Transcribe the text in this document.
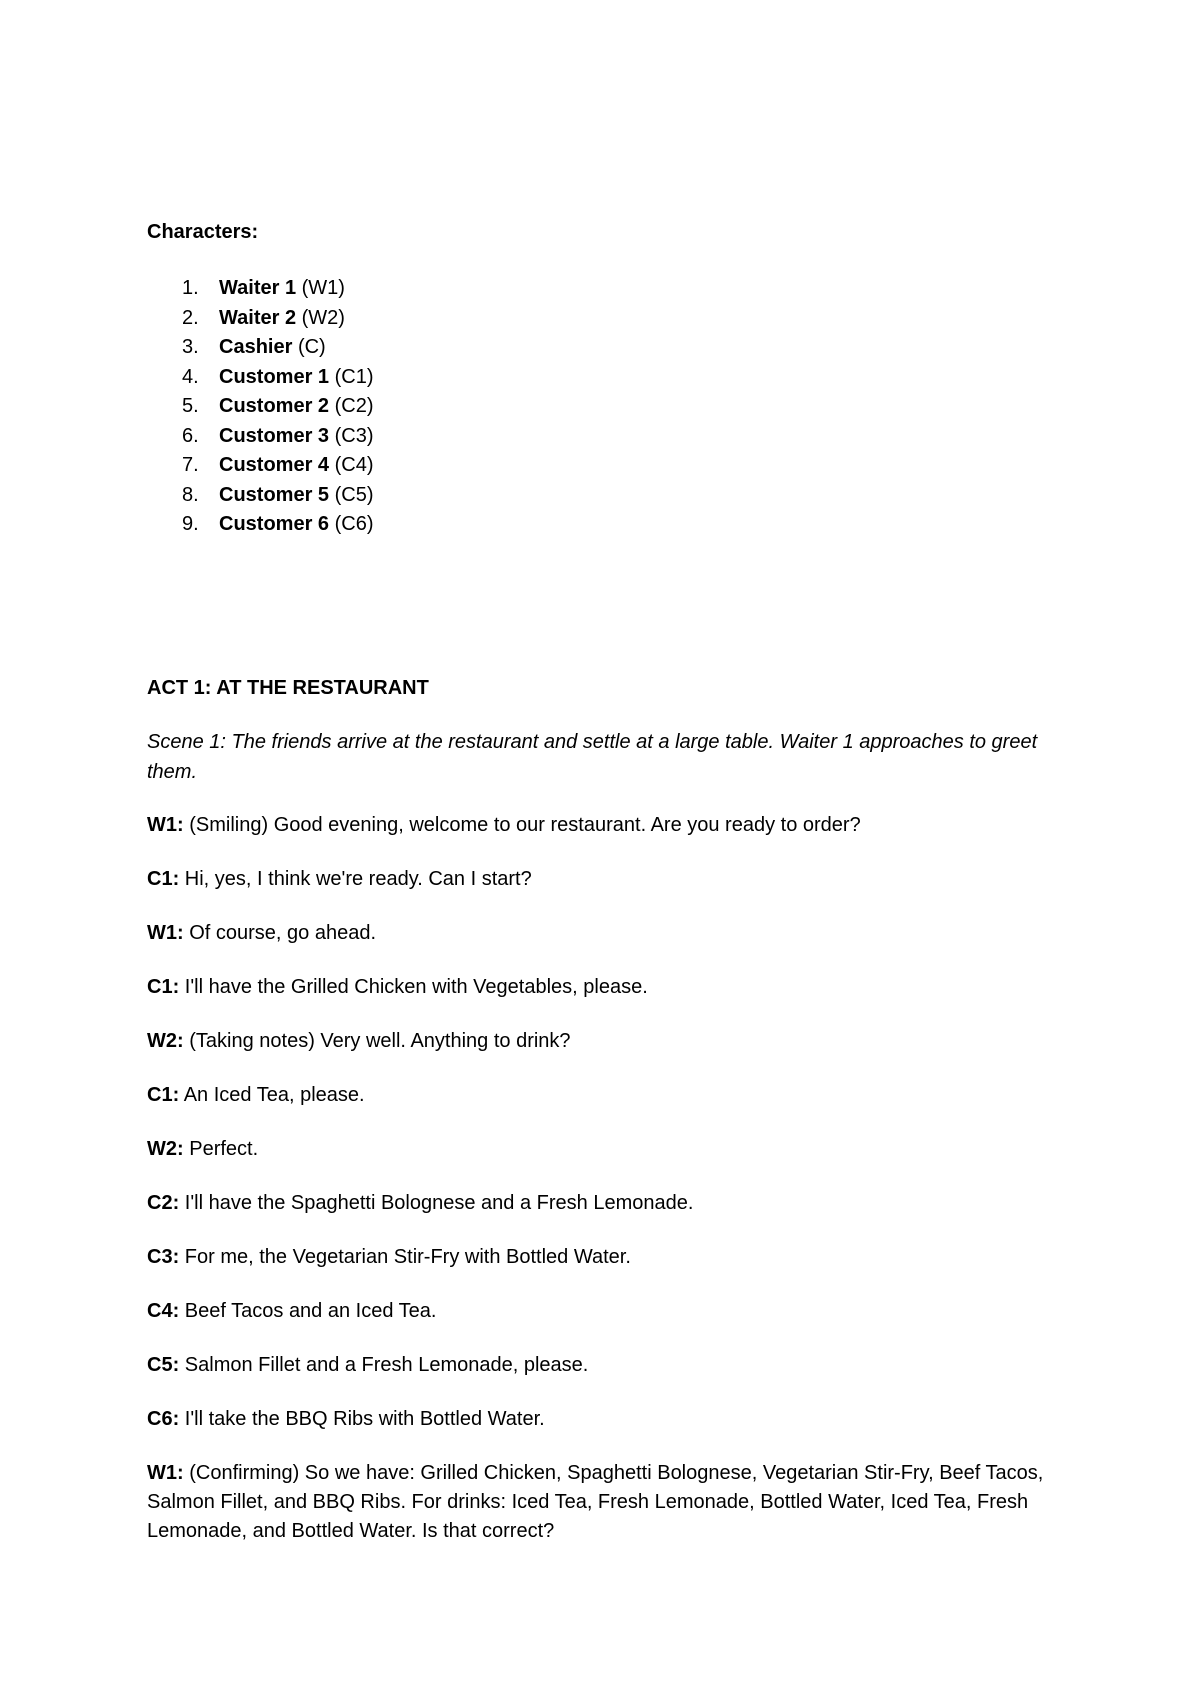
Characters:
1.	Waiter 1 (W1)
2.	Waiter 2 (W2)
3.	Cashier (C)
4.	Customer 1 (C1)
5.	Customer 2 (C2)
6.	Customer 3 (C3)
7.	Customer 4 (C4)
8.	Customer 5 (C5)
9.	Customer 6 (C6)
ACT 1: AT THE RESTAURANT
Scene 1: The friends arrive at the restaurant and settle at a large table. Waiter 1 approaches to greet them.
W1: (Smiling) Good evening, welcome to our restaurant. Are you ready to order?
C1: Hi, yes, I think we're ready. Can I start?
W1: Of course, go ahead.
C1: I'll have the Grilled Chicken with Vegetables, please.
W2: (Taking notes) Very well. Anything to drink?
C1: An Iced Tea, please.
W2: Perfect.
C2: I'll have the Spaghetti Bolognese and a Fresh Lemonade.
C3: For me, the Vegetarian Stir-Fry with Bottled Water.
C4: Beef Tacos and an Iced Tea.
C5: Salmon Fillet and a Fresh Lemonade, please.
C6: I'll take the BBQ Ribs with Bottled Water.
W1: (Confirming) So we have: Grilled Chicken, Spaghetti Bolognese, Vegetarian Stir-Fry, Beef Tacos, Salmon Fillet, and BBQ Ribs. For drinks: Iced Tea, Fresh Lemonade, Bottled Water, Iced Tea, Fresh Lemonade, and Bottled Water. Is that correct?
